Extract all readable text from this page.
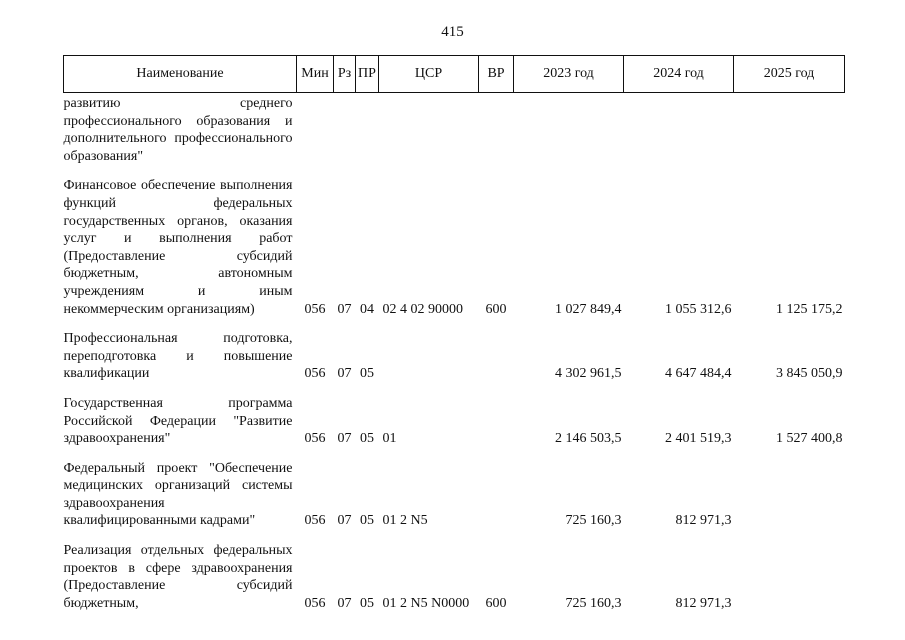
415
Наименование	Мин	Рз	ПР	ЦСР	ВР	2023 год	2024 год	2025 год

развитию среднего профессионального образования и дополнительного профессионального образования"								

Финансовое обеспечение выполнения функций федеральных государственных органов, оказания услуг и выполнения работ (Предоставление субсидий бюджетным, автономным учреждениям и иным некоммерческим организациям)	056	07	04	02 4 02 90000	600	1 027 849,4	1 055 312,6	1 125 175,2

Профессиональная подготовка, переподготовка и повышение квалификации	056	07	05			4 302 961,5	4 647 484,4	3 845 050,9

Государственная программа Российской Федерации "Развитие здравоохранения"	056	07	05	01		2 146 503,5	2 401 519,3	1 527 400,8

Федеральный проект "Обеспечение медицинских организаций системы здравоохранения квалифицированными кадрами"	056	07	05	01 2 N5		725 160,3	812 971,3	

Реализация отдельных федеральных проектов в сфере здравоохранения (Предоставление субсидий бюджетным,	056	07	05	01 2 N5 N0000	600	725 160,3	812 971,3	
